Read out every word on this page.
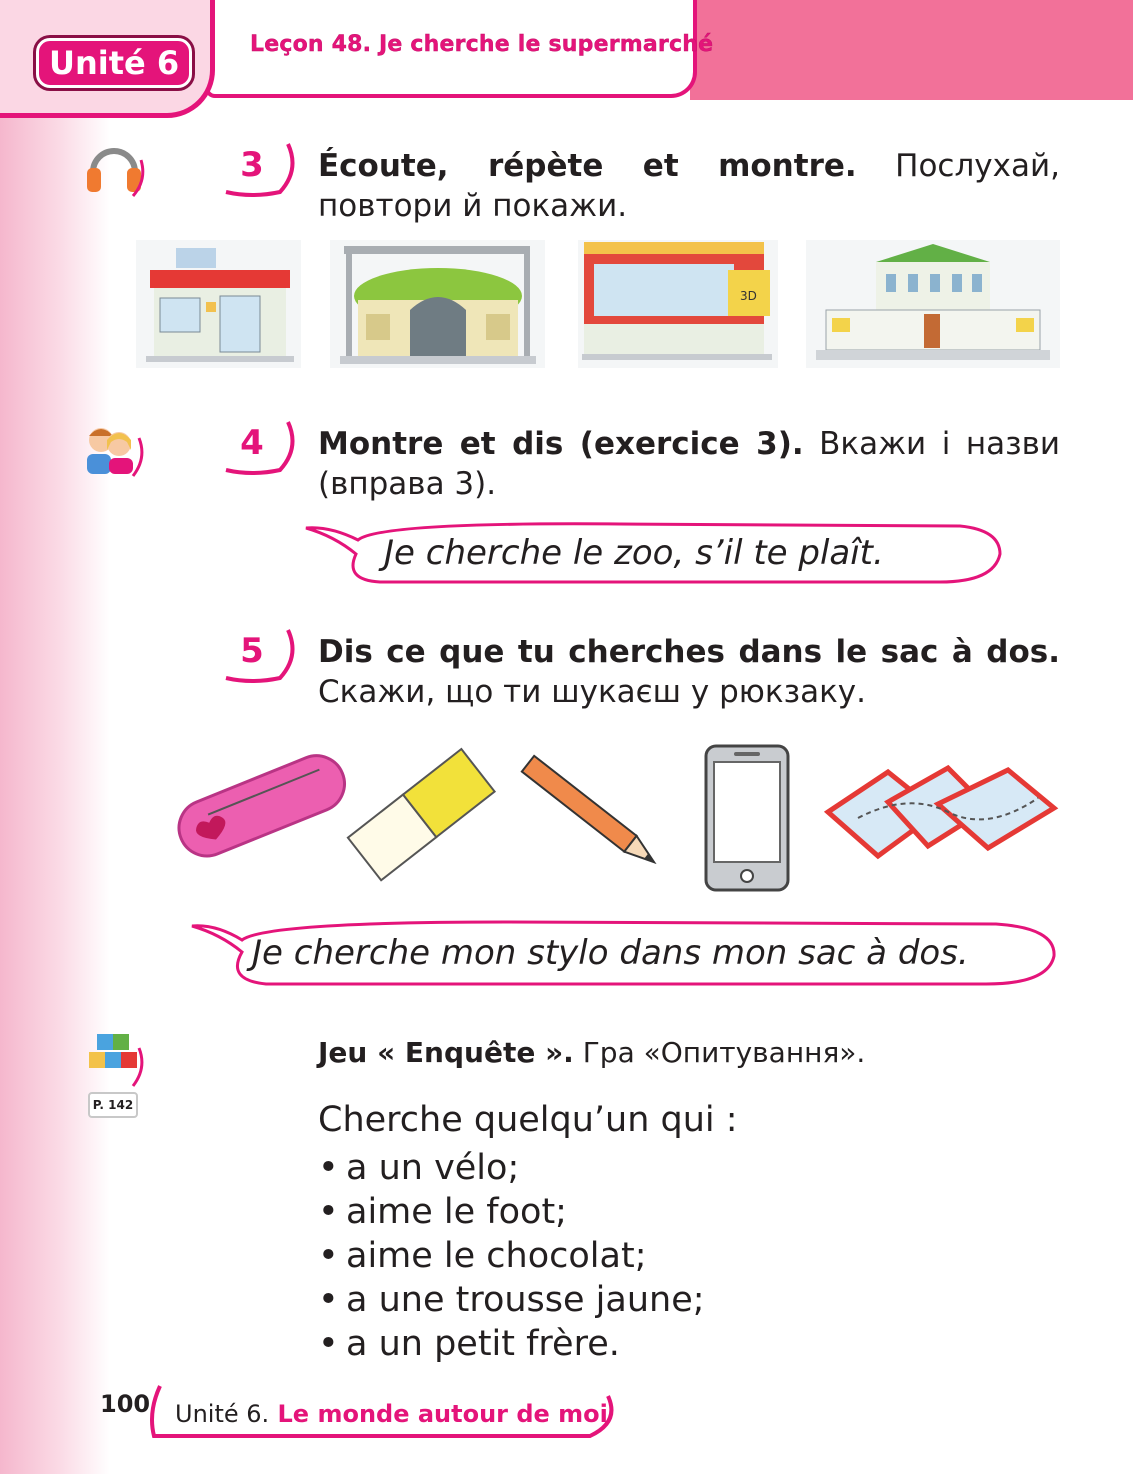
Unité 6	Leçon 48. Je cherche le supermarché
3	Écoute, répète et montre. Послухай, повтори й покажи.
3D
4	Montre et dis (exercice 3). Вкажи і назви (вправа 3).
Je cherche le zoo, s’il te plaît.
5	Dis ce que tu cherches dans le sac à dos. Скажи, що ти шукаєш у рюкзаку.
Je cherche mon stylo dans mon sac à dos.
P. 142
Jeu « Enquête ». Гра «Опитування».
Cherche quelqu’un qui :
• a un vélo;
• aime le foot;
• aime le chocolat;
• a une trousse jaune;
• a un petit frère.
100 Unité 6. Le monde autour de moi
